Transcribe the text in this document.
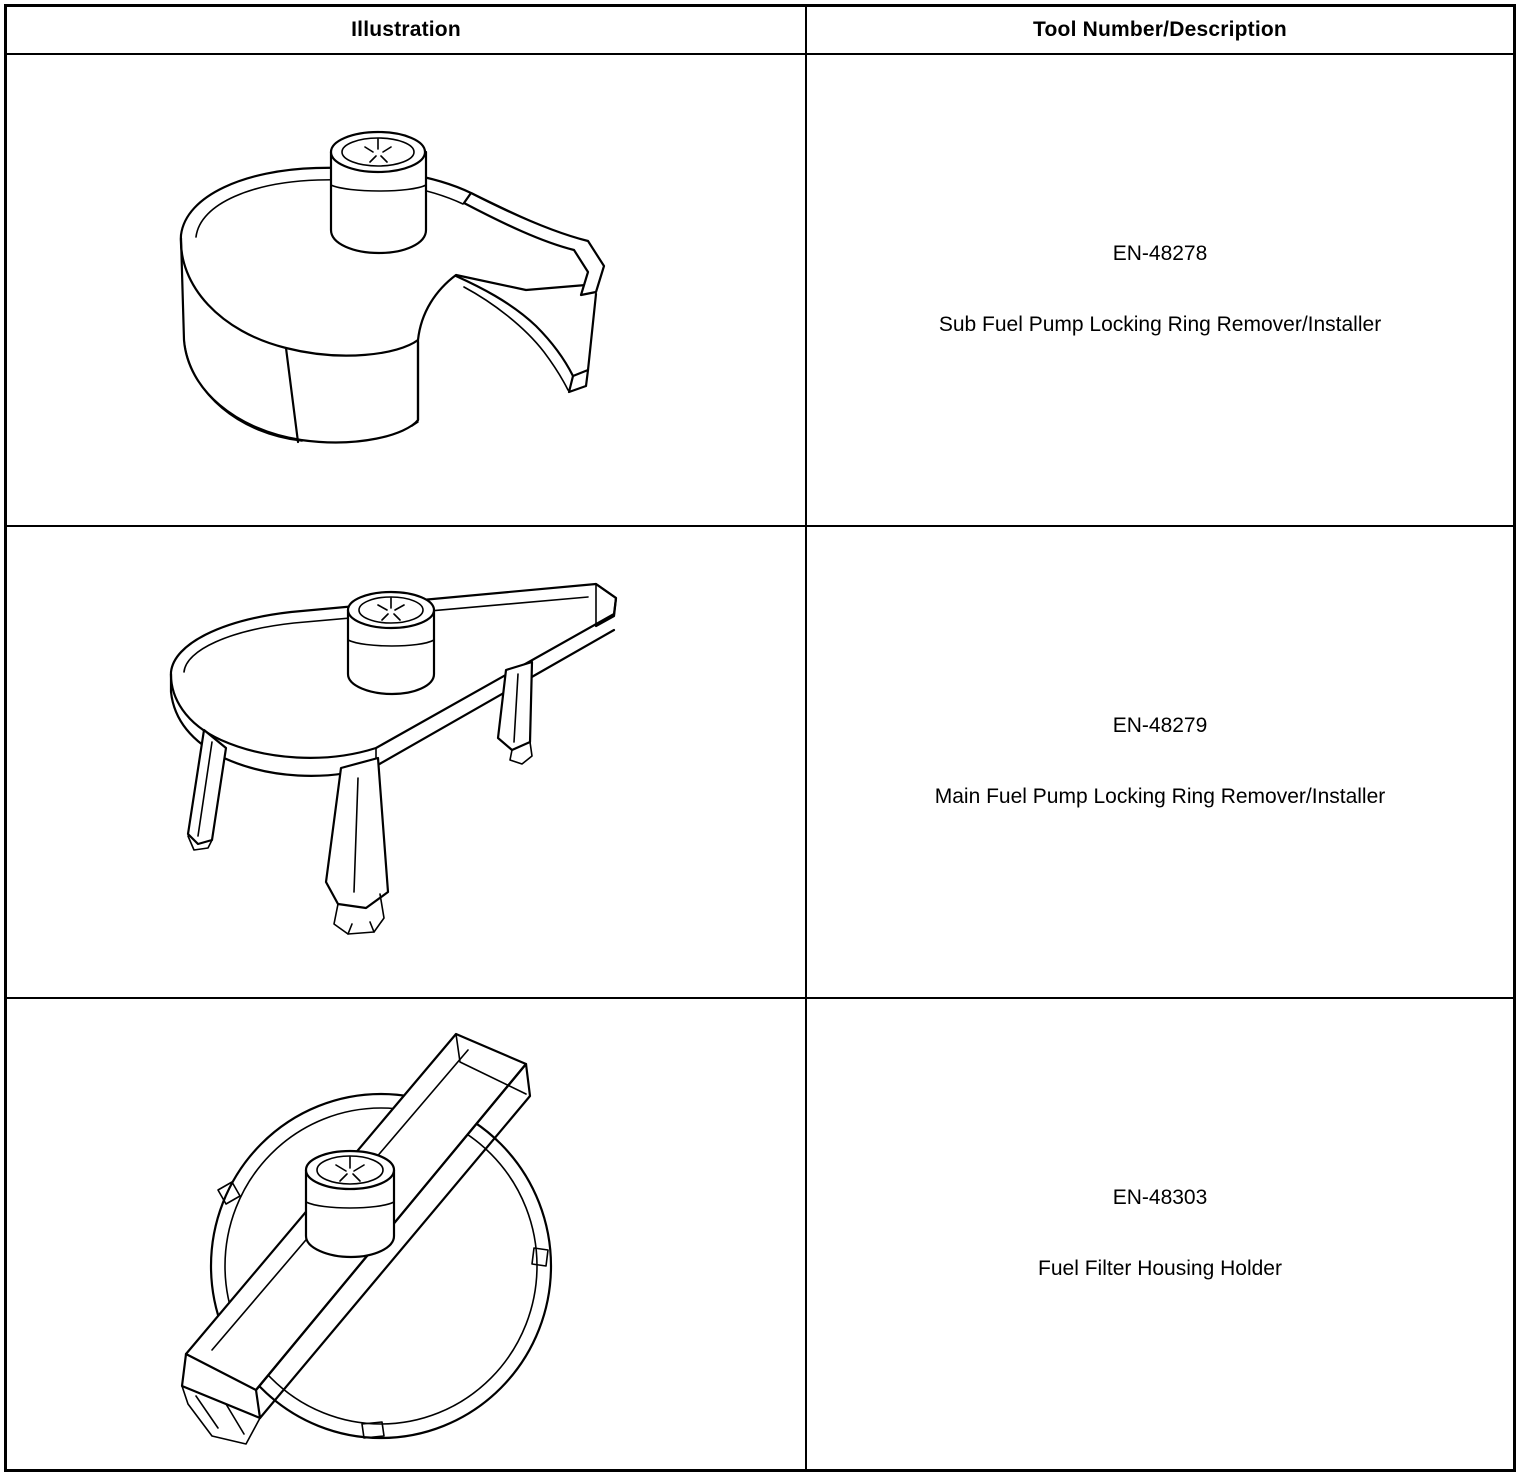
Illustration	Tool Number/Description

EN-48278
Sub Fuel Pump Locking Ring Remover/Installer

EN-48279
Main Fuel Pump Locking Ring Remover/Installer

EN-48303
Fuel Filter Housing Holder
